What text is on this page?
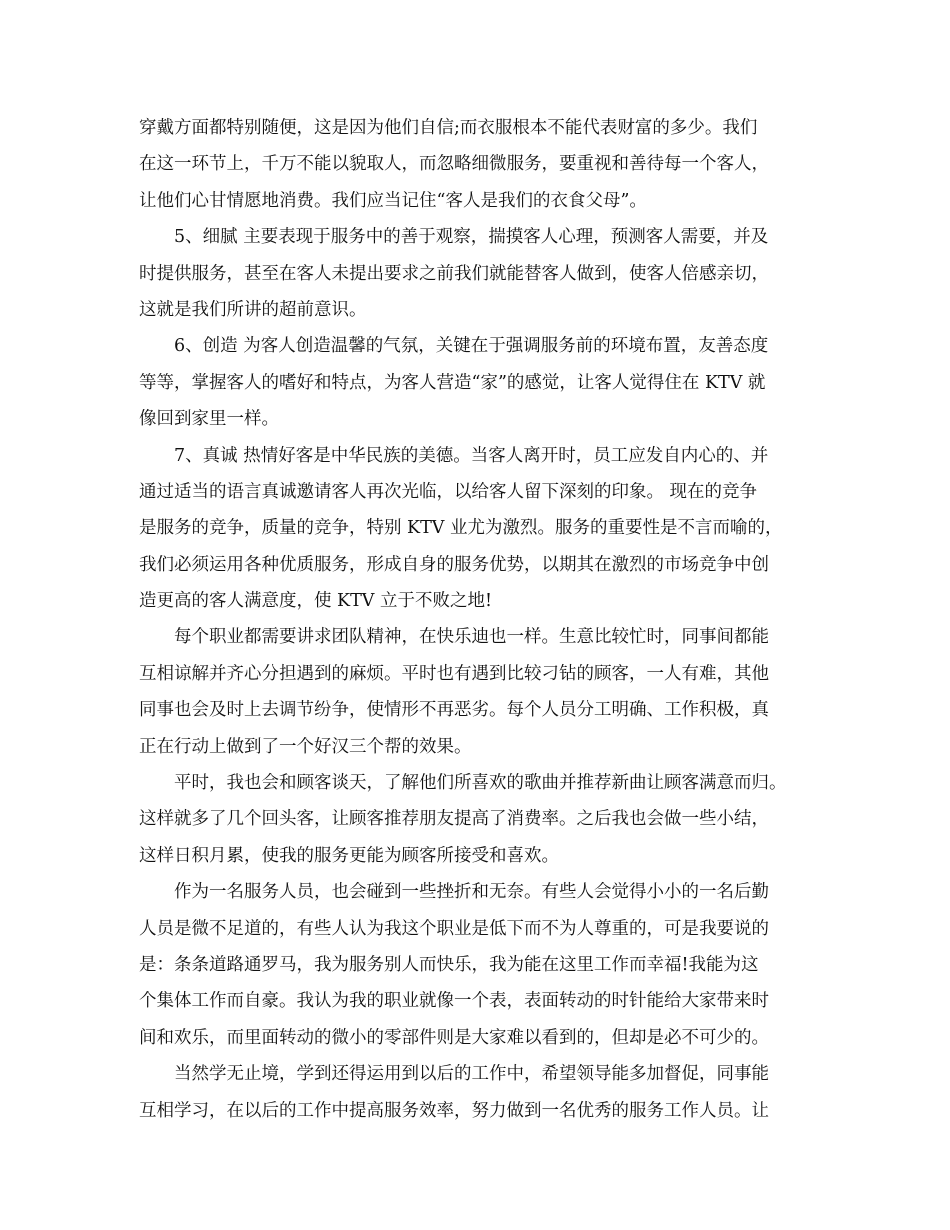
穿戴方面都特别随便，这是因为他们自信;而衣服根本不能代表财富的多少。我们
在这一环节上，千万不能以貌取人，而忽略细微服务，要重视和善待每一个客人，
让他们心甘情愿地消费。我们应当记住“客人是我们的衣食父母”。
5、细腻 主要表现于服务中的善于观察，揣摸客人心理，预测客人需要，并及
时提供服务，甚至在客人未提出要求之前我们就能替客人做到，使客人倍感亲切，
这就是我们所讲的超前意识。
6、创造 为客人创造温馨的气氛，关键在于强调服务前的环境布置，友善态度
等等，掌握客人的嗜好和特点，为客人营造“家”的感觉，让客人觉得住在 KTV 就
像回到家里一样。
7、真诚 热情好客是中华民族的美德。当客人离开时，员工应发自内心的、并
通过适当的语言真诚邀请客人再次光临，以给客人留下深刻的印象。 现在的竞争
是服务的竞争，质量的竞争，特别 KTV 业尤为激烈。服务的重要性是不言而喻的，
我们必须运用各种优质服务，形成自身的服务优势，以期其在激烈的市场竞争中创
造更高的客人满意度，使 KTV 立于不败之地!
每个职业都需要讲求团队精神，在快乐迪也一样。生意比较忙时，同事间都能
互相谅解并齐心分担遇到的麻烦。平时也有遇到比较刁钻的顾客，一人有难，其他
同事也会及时上去调节纷争，使情形不再恶劣。每个人员分工明确、工作积极，真
正在行动上做到了一个好汉三个帮的效果。
平时，我也会和顾客谈天，了解他们所喜欢的歌曲并推荐新曲让顾客满意而归。
这样就多了几个回头客，让顾客推荐朋友提高了消费率。之后我也会做一些小结，
这样日积月累，使我的服务更能为顾客所接受和喜欢。
作为一名服务人员，也会碰到一些挫折和无奈。有些人会觉得小小的一名后勤
人员是微不足道的，有些人认为我这个职业是低下而不为人尊重的，可是我要说的
是：条条道路通罗马，我为服务别人而快乐，我为能在这里工作而幸福!我能为这
个集体工作而自豪。我认为我的职业就像一个表，表面转动的时针能给大家带来时
间和欢乐，而里面转动的微小的零部件则是大家难以看到的，但却是必不可少的。
当然学无止境，学到还得运用到以后的工作中，希望领导能多加督促，同事能
互相学习，在以后的工作中提高服务效率，努力做到一名优秀的服务工作人员。让
